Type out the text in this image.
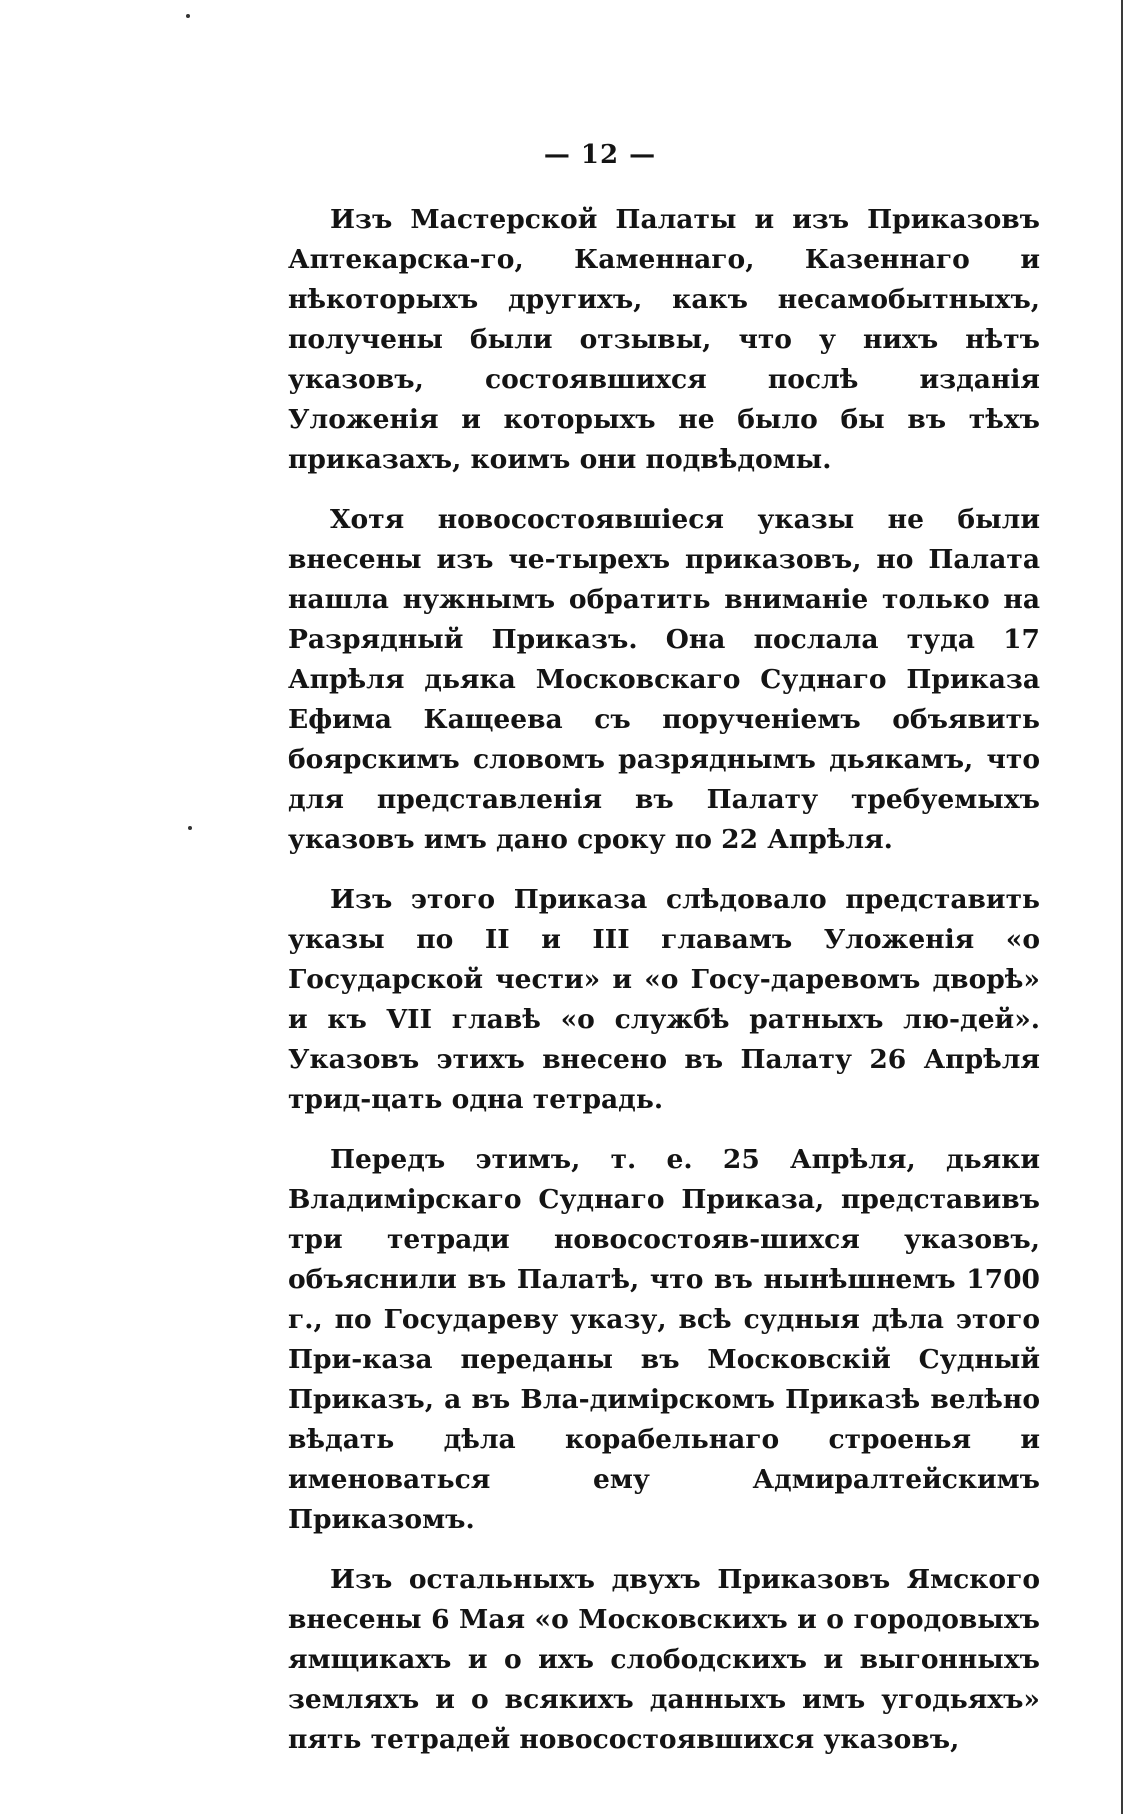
— 12 —

Изъ Мастерской Палаты и изъ Приказовъ Аптекарска-го, Каменнаго, Казеннаго и нѣкоторыхъ другихъ, какъ несамобытныхъ, получены были отзывы, что у нихъ нѣтъ указовъ, состоявшихся послѣ изданія Уложенія и которыхъ не было бы въ тѣхъ приказахъ, коимъ они подвѣдомы.

Хотя новосостоявшіеся указы не были внесены изъ че-тырехъ приказовъ, но Палата нашла нужнымъ обратить вниманіе только на Разрядный Приказъ. Она послала туда 17 Апрѣля дьяка Московскаго Суднаго Приказа Ефима Кащеева съ порученіемъ объявить боярскимъ словомъ разряднымъ дьякамъ, что для представленія въ Палату требуемыхъ указовъ имъ дано сроку по 22 Апрѣля.

Изъ этого Приказа слѣдовало представить указы по II и III главамъ Уложенія «о Государской чести» и «о Госу-даревомъ дворѣ» и къ VII главѣ «о службѣ ратныхъ лю-дей». Указовъ этихъ внесено въ Палату 26 Апрѣля трид-цать одна тетрадь.

Передъ этимъ, т. е. 25 Апрѣля, дьяки Владимірскаго Суднаго Приказа, представивъ три тетради новосостояв-шихся указовъ, объяснили въ Палатѣ, что въ нынѣшнемъ 1700 г., по Государеву указу, всѣ судныя дѣла этого При-каза переданы въ Московскій Судный Приказъ, а въ Вла-димірскомъ Приказѣ велѣно вѣдать дѣла корабельнаго строенья и именоваться ему Адмиралтейскимъ Приказомъ.

Изъ остальныхъ двухъ Приказовъ Ямского внесены 6 Мая «о Московскихъ и о городовыхъ ямщикахъ и о ихъ слободскихъ и выгонныхъ земляхъ и о всякихъ данныхъ имъ угодьяхъ» пять тетрадей новосостоявшихся указовъ,
